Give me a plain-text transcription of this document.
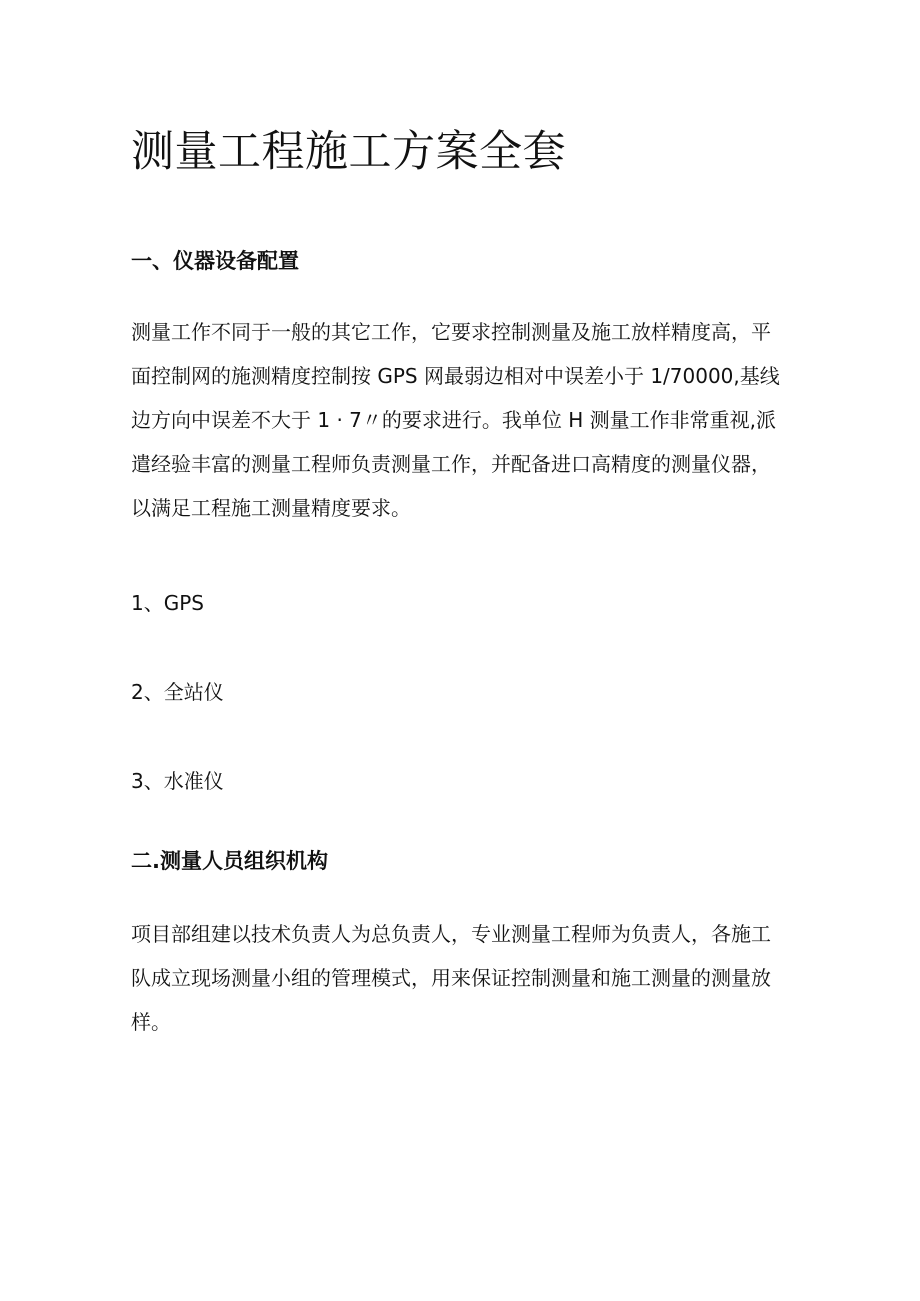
测量工程施工方案全套
一、仪器设备配置
测量工作不同于一般的其它工作，它要求控制测量及施工放样精度高，平
面控制网的施测精度控制按 GPS 网最弱边相对中误差小于 1/70000,基线
边方向中误差不大于 1 · 7〃的要求进行。我单位 H 测量工作非常重视,派
遣经验丰富的测量工程师负责测量工作，并配备进口高精度的测量仪器，
以满足工程施工测量精度要求。

1、GPS

2、全站仪

3、水准仪

二.测量人员组织机构
项目部组建以技术负责人为总负责人，专业测量工程师为负责人，各施工
队成立现场测量小组的管理模式，用来保证控制测量和施工测量的测量放
样。
